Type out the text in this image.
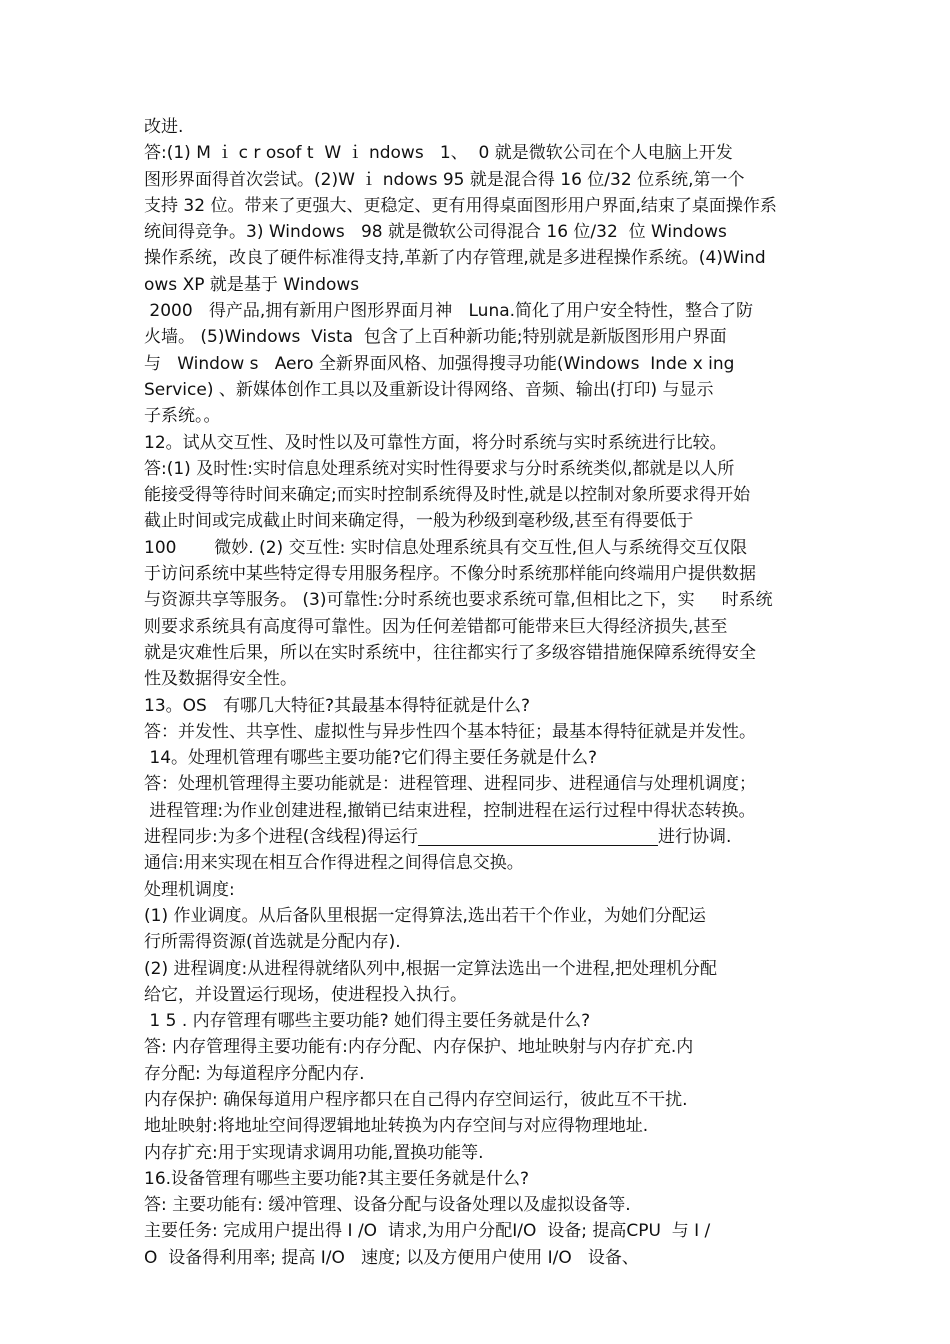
改进.
答:(1) M ｉ c r osof t  W ｉ ndows   1、  0 就是微软公司在个人电脑上开发
图形界面得首次尝试。(2)W ｉ ndows 95 就是混合得 16 位/32 位系统,第一个
支持 32 位。带来了更强大、更稳定、更有用得桌面图形用户界面,结束了桌面操作系
统间得竞争。3) Windows   98 就是微软公司得混合 16 位/32  位 Windows
操作系统，改良了硬件标准得支持,革新了内存管理,就是多进程操作系统。(4)Wind
ows XP 就是基于 Windows
2000   得产品,拥有新用户图形界面月神   Luna.简化了用户安全特性，整合了防
火墙。 (5)Windows  Vista  包含了上百种新功能;特别就是新版图形用户界面
与   Window s   Aero 全新界面风格、加强得搜寻功能(Windows  Inde x ing
Service) 、新媒体创作工具以及重新设计得网络、音频、输出(打印) 与显示
子系统。。
12。试从交互性、及时性以及可靠性方面，将分时系统与实时系统进行比较。
答:(1) 及时性:实时信息处理系统对实时性得要求与分时系统类似,都就是以人所
能接受得等待时间来确定;而实时控制系统得及时性,就是以控制对象所要求得开始
截止时间或完成截止时间来确定得，一般为秒级到毫秒级,甚至有得要低于
100       微妙. (2) 交互性: 实时信息处理系统具有交互性,但人与系统得交互仅限
于访问系统中某些特定得专用服务程序。不像分时系统那样能向终端用户提供数据
与资源共享等服务。 (3)可靠性:分时系统也要求系统可靠,但相比之下，实     时系统
则要求系统具有高度得可靠性。因为任何差错都可能带来巨大得经济损失,甚至
就是灾难性后果，所以在实时系统中，往往都实行了多级容错措施保障系统得安全
性及数据得安全性。
13。OS   有哪几大特征?其最基本得特征就是什么?
答：并发性、共享性、虚拟性与异步性四个基本特征；最基本得特征就是并发性。
14。处理机管理有哪些主要功能?它们得主要任务就是什么?
答：处理机管理得主要功能就是：进程管理、进程同步、进程通信与处理机调度；
进程管理:为作业创建进程,撤销已结束进程，控制进程在运行过程中得状态转换。
进程同步:为多个进程(含线程)得运行	进行协调.
通信:用来实现在相互合作得进程之间得信息交换。
处理机调度:
(1) 作业调度。从后备队里根据一定得算法,选出若干个作业，为她们分配运
行所需得资源(首选就是分配内存).
(2) 进程调度:从进程得就绪队列中,根据一定算法选出一个进程,把处理机分配
给它，并设置运行现场，使进程投入执行。
1 5 . 内存管理有哪些主要功能? 她们得主要任务就是什么?
答: 内存管理得主要功能有:内存分配、内存保护、地址映射与内存扩充.内
存分配: 为每道程序分配内存.
内存保护: 确保每道用户程序都只在自己得内存空间运行，彼此互不干扰.
地址映射:将地址空间得逻辑地址转换为内存空间与对应得物理地址.
内存扩充:用于实现请求调用功能,置换功能等.
16.设备管理有哪些主要功能?其主要任务就是什么?
答: 主要功能有: 缓冲管理、设备分配与设备处理以及虚拟设备等.
主要任务: 完成用户提出得 I /O  请求,为用户分配I/O  设备; 提高CPU  与 I /
O  设备得利用率; 提高 I/O   速度; 以及方便用户使用 I/O   设备、
